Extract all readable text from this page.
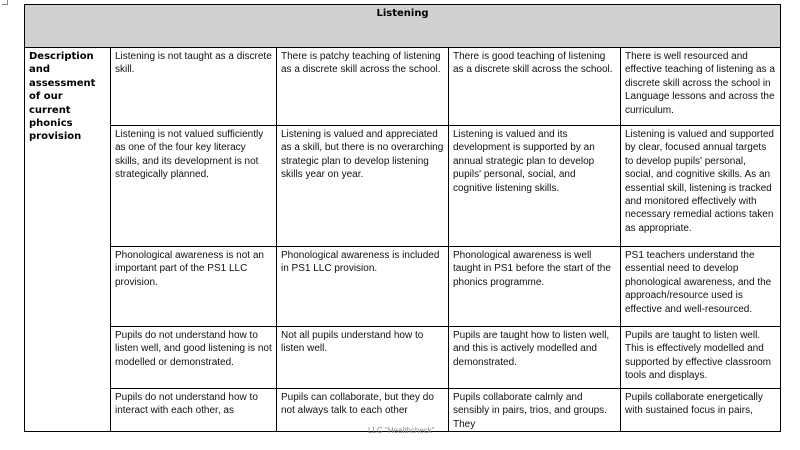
Listening				
Description and assessment of our current phonics provision	Listening is not taught as a discrete skill.	There is patchy teaching of listening as a discrete skill across the school.	There is good teaching of listening as a discrete skill across the school.	There is well resourced and effective teaching of listening as a discrete skill across the school in Language lessons and across the curriculum.
	Listening is not valued sufficiently as one of the four key literacy skills, and its development is not strategically planned.	Listening is valued and appreciated as a skill, but there is no overarching strategic plan to develop listening skills year on year.	Listening is valued and its development is supported by an annual strategic plan to develop pupils' personal, social, and cognitive listening skills.	Listening is valued and supported by clear, focused annual targets to develop pupils' personal, social, and cognitive skills. As an essential skill, listening is tracked and monitored effectively with necessary remedial actions taken as appropriate.
	Phonological awareness is not an important part of the PS1 LLC provision.	Phonological awareness is included in PS1 LLC provision.	Phonological awareness is well taught in PS1 before the start of the phonics programme.	PS1 teachers understand the essential need to develop phonological awareness, and the approach/resource used is effective and well-resourced.
	Pupils do not understand how to listen well, and good listening is not modelled or demonstrated.	Not all pupils understand how to listen well.	Pupils are taught how to listen well, and this is actively modelled and demonstrated.	Pupils are taught to listen well. This is effectively modelled and supported by effective classroom tools and displays.
	Pupils do not understand how to interact with each other, as	Pupils can collaborate, but they do not always talk to each other	Pupils collaborate calmly and sensibly in pairs, trios, and groups. They	Pupils collaborate energetically with sustained focus in pairs,
LLC "Healthcheck"
